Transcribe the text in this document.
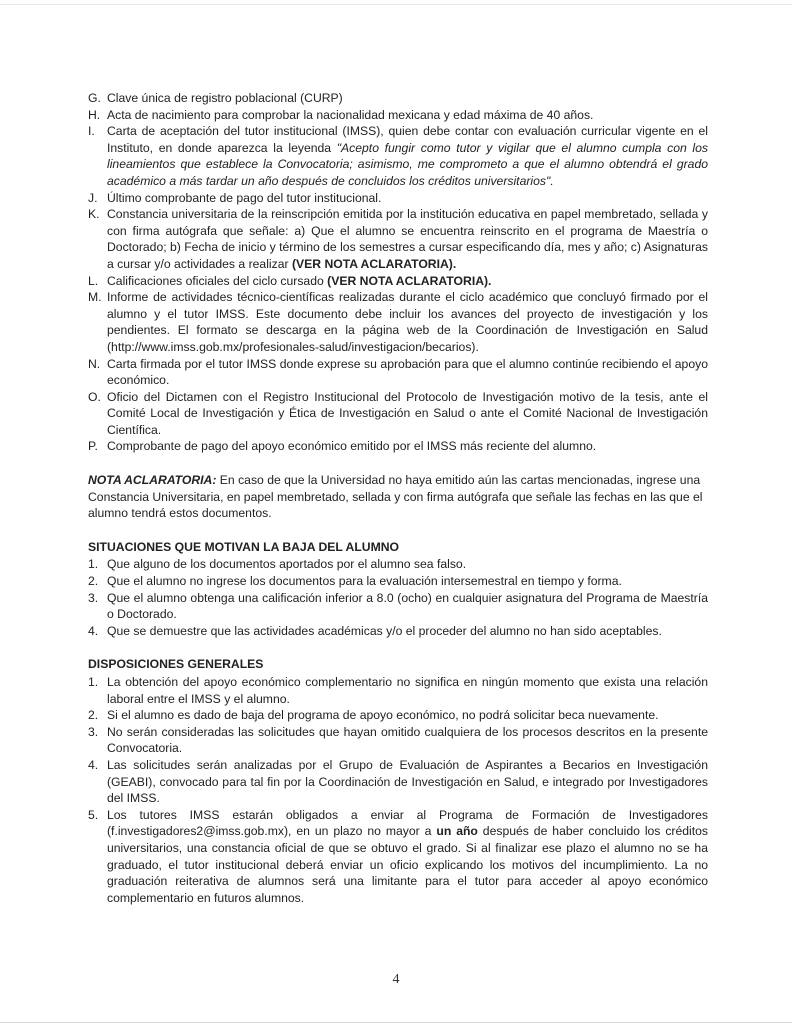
G. Clave única de registro poblacional (CURP)
H. Acta de nacimiento para comprobar la nacionalidad mexicana y edad máxima de 40 años.
I. Carta de aceptación del tutor institucional (IMSS), quien debe contar con evaluación curricular vigente en el Instituto, en donde aparezca la leyenda "Acepto fungir como tutor y vigilar que el alumno cumpla con los lineamientos que establece la Convocatoria; asimismo, me comprometo a que el alumno obtendrá el grado académico a más tardar un año después de concluidos los créditos universitarios".
J. Último comprobante de pago del tutor institucional.
K. Constancia universitaria de la reinscripción emitida por la institución educativa en papel membretado, sellada y con firma autógrafa que señale: a) Que el alumno se encuentra reinscrito en el programa de Maestría o Doctorado; b) Fecha de inicio y término de los semestres a cursar especificando día, mes y año; c) Asignaturas a cursar y/o actividades a realizar (VER NOTA ACLARATORIA).
L. Calificaciones oficiales del ciclo cursado (VER NOTA ACLARATORIA).
M. Informe de actividades técnico-científicas realizadas durante el ciclo académico que concluyó firmado por el alumno y el tutor IMSS. Este documento debe incluir los avances del proyecto de investigación y los pendientes. El formato se descarga en la página web de la Coordinación de Investigación en Salud (http://www.imss.gob.mx/profesionales-salud/investigacion/becarios).
N. Carta firmada por el tutor IMSS donde exprese su aprobación para que el alumno continúe recibiendo el apoyo económico.
O. Oficio del Dictamen con el Registro Institucional del Protocolo de Investigación motivo de la tesis, ante el Comité Local de Investigación y Ética de Investigación en Salud o ante el Comité Nacional de Investigación Científica.
P. Comprobante de pago del apoyo económico emitido por el IMSS más reciente del alumno.

NOTA ACLARATORIA: En caso de que la Universidad no haya emitido aún las cartas mencionadas, ingrese una Constancia Universitaria, en papel membretado, sellada y con firma autógrafa que señale las fechas en las que el alumno tendrá estos documentos.

SITUACIONES QUE MOTIVAN LA BAJA DEL ALUMNO
1. Que alguno de los documentos aportados por el alumno sea falso.
2. Que el alumno no ingrese los documentos para la evaluación intersemestral en tiempo y forma.
3. Que el alumno obtenga una calificación inferior a 8.0 (ocho) en cualquier asignatura del Programa de Maestría o Doctorado.
4. Que se demuestre que las actividades académicas y/o el proceder del alumno no han sido aceptables.
DISPOSICIONES GENERALES
1. La obtención del apoyo económico complementario no significa en ningún momento que exista una relación laboral entre el IMSS y el alumno.
2. Si el alumno es dado de baja del programa de apoyo económico, no podrá solicitar beca nuevamente.
3. No serán consideradas las solicitudes que hayan omitido cualquiera de los procesos descritos en la presente Convocatoria.
4. Las solicitudes serán analizadas por el Grupo de Evaluación de Aspirantes a Becarios en Investigación (GEABI), convocado para tal fin por la Coordinación de Investigación en Salud, e integrado por Investigadores del IMSS.
5. Los tutores IMSS estarán obligados a enviar al Programa de Formación de Investigadores (f.investigadores2@imss.gob.mx), en un plazo no mayor a un año después de haber concluido los créditos universitarios, una constancia oficial de que se obtuvo el grado. Si al finalizar ese plazo el alumno no se ha graduado, el tutor institucional deberá enviar un oficio explicando los motivos del incumplimiento. La no graduación reiterativa de alumnos será una limitante para el tutor para acceder al apoyo económico complementario en futuros alumnos.
4
